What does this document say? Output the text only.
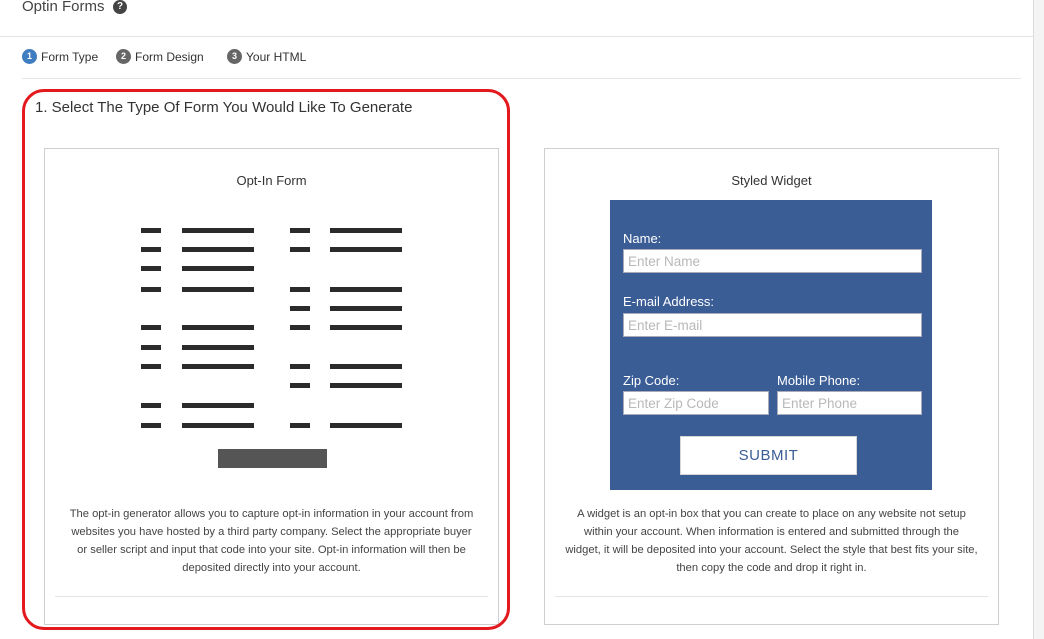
Optin Forms	?
1 Form Type	2 Form Design	3 Your HTML
1. Select The Type Of Form You Would Like To Generate
Opt-In Form
The opt-in generator allows you to capture opt-in information in your account from websites you have hosted by a third party company. Select the appropriate buyer or seller script and input that code into your site. Opt-in information will then be deposited directly into your account.
Styled Widget
Name:
Enter Name
E-mail Address:
Enter E-mail
Zip Code:
Enter Zip Code	Mobile Phone:
Enter Phone
SUBMIT
A widget is an opt-in box that you can create to place on any website not setup within your account. When information is entered and submitted through the widget, it will be deposited into your account. Select the style that best fits your site, then copy the code and drop it right in.
